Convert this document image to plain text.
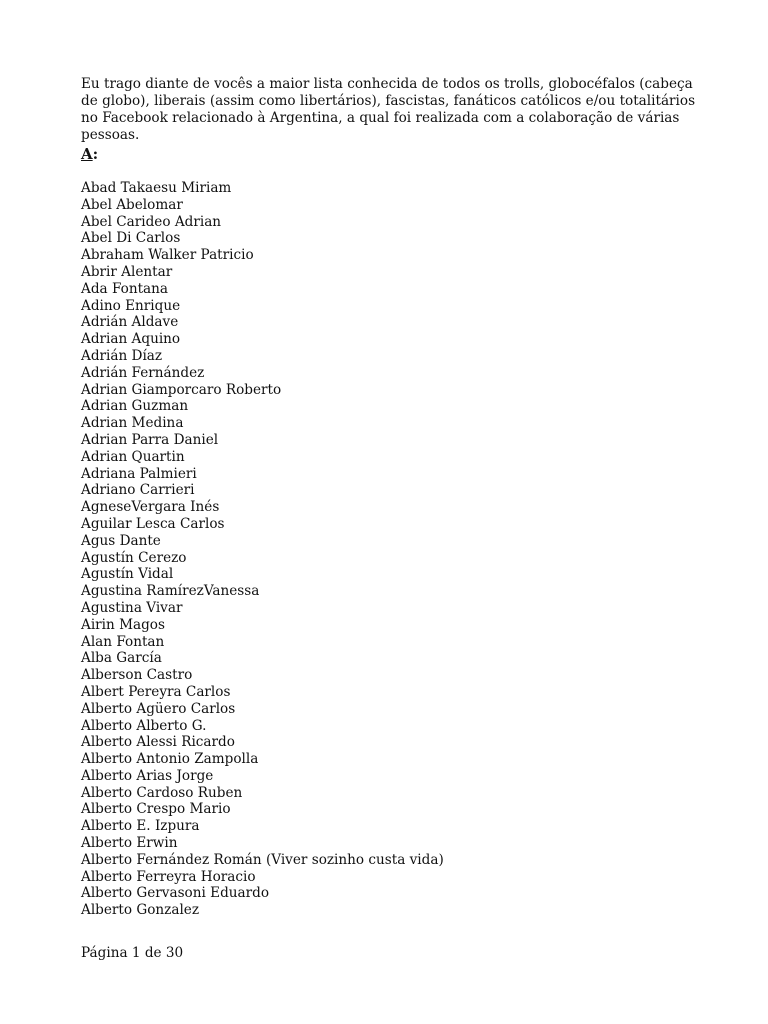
Eu trago diante de vocês a maior lista conhecida de todos os trolls, globocéfalos (cabeça de globo), liberais (assim como libertários), fascistas, fanáticos católicos e/ou totalitários no Facebook relacionado à Argentina, a qual foi realizada com a colaboração de várias pessoas.

A:
Abad Takaesu Miriam
Abel Abelomar
Abel Carideo Adrian
Abel Di Carlos
Abraham Walker Patricio
Abrir Alentar
Ada Fontana
Adino Enrique
Adrián Aldave
Adrian Aquino
Adrián Díaz
Adrián Fernández
Adrian Giamporcaro Roberto
Adrian Guzman
Adrian Medina
Adrian Parra Daniel
Adrian Quartin
Adriana Palmieri
Adriano Carrieri
AgneseVergara Inés
Aguilar Lesca Carlos
Agus Dante
Agustín Cerezo
Agustín Vidal
Agustina RamírezVanessa
Agustina Vivar
Airin Magos
Alan Fontan
Alba García
Alberson Castro
Albert Pereyra Carlos
Alberto Agüero Carlos
Alberto Alberto G.
Alberto Alessi Ricardo
Alberto Antonio Zampolla
Alberto Arias Jorge
Alberto Cardoso Ruben
Alberto Crespo Mario
Alberto E. Izpura
Alberto Erwin
Alberto Fernández Román (Viver sozinho custa vida)
Alberto Ferreyra Horacio
Alberto Gervasoni Eduardo
Alberto Gonzalez

Página 1 de 30
